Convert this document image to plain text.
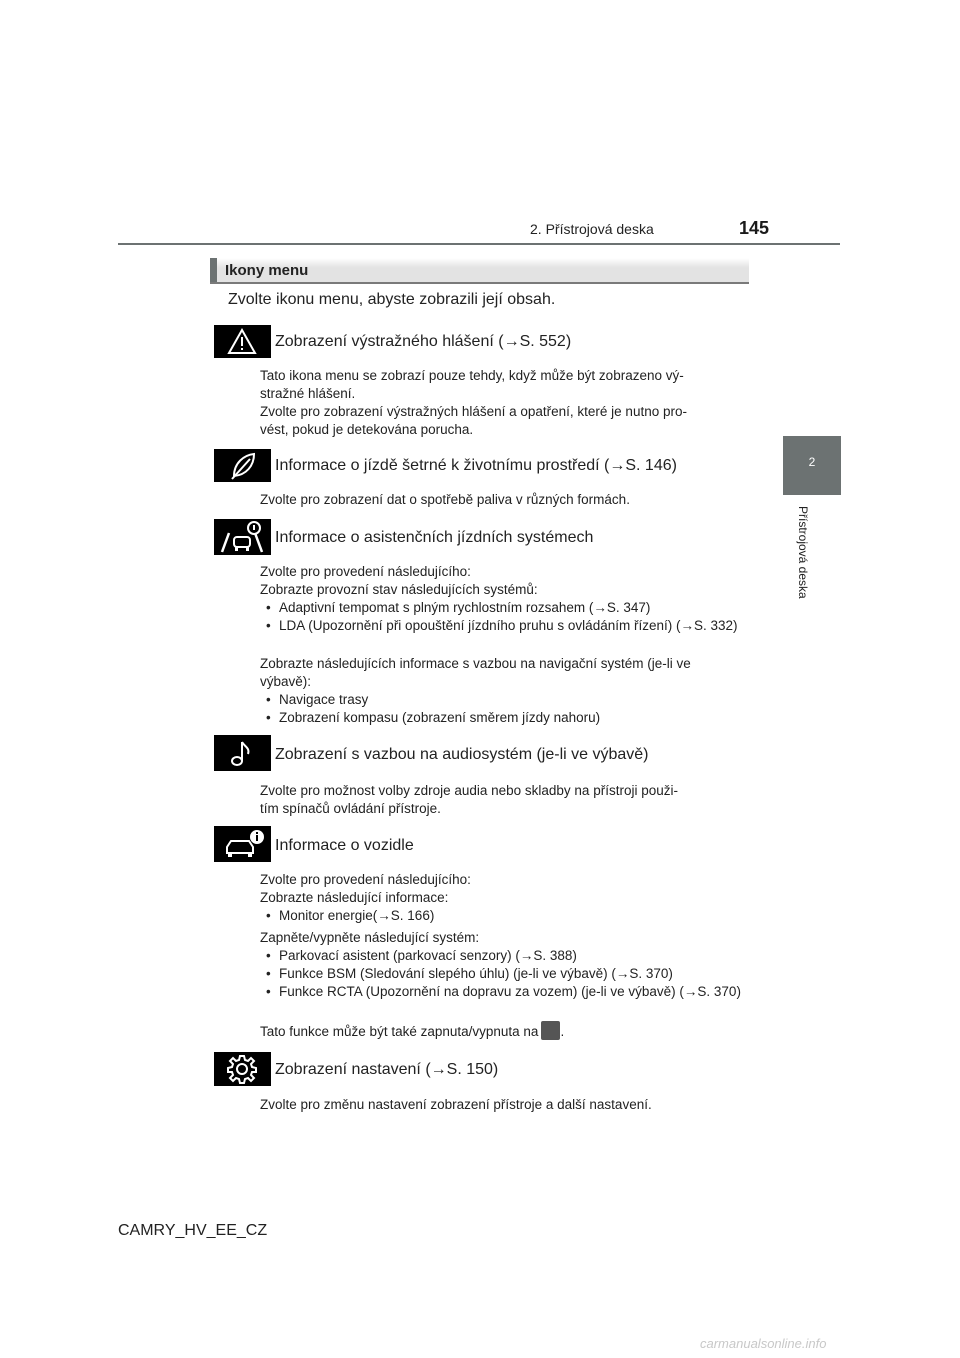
2. Přístrojová deska	145
2
Přístrojová deska
Ikony menu
Zvolte ikonu menu, abyste zobrazili její obsah.
Zobrazení výstražného hlášení (→S. 552)

Tato ikona menu se zobrazí pouze tehdy, když může být zobrazeno vý-
stražné hlášení.
Zvolte pro zobrazení výstražných hlášení a opatření, které je nutno pro-
vést, pokud je detekována porucha.

Informace o jízdě šetrné k životnímu prostředí (→S. 146)

Zvolte pro zobrazení dat o spotřebě paliva v různých formách.

Informace o asistenčních jízdních systémech

Zvolte pro provedení následujícího:
Zobrazte provozní stav následujících systémů:

• Adaptivní tempomat s plným rychlostním rozsahem (→S. 347)
• LDA (Upozornění při opouštění jízdního pruhu s ovládáním řízení) (→S. 332)

Zobrazte následujících informace s vazbou na navigační systém (je-li ve
výbavě):

• Navigace trasy
• Zobrazení kompasu (zobrazení směrem jízdy nahoru)
Zobrazení s vazbou na audiosystém (je-li ve výbavě)

Zvolte pro možnost volby zdroje audia nebo skladby na přístroji použi-
tím spínačů ovládání přístroje.

Informace o vozidle

Zvolte pro provedení následujícího:
Zobrazte následující informace:

• Monitor energie(→S. 166)

Zapněte/vypněte následující systém:

• Parkovací asistent (parkovací senzory) (→S. 388)
• Funkce BSM (Sledování slepého úhlu) (je-li ve výbavě) (→S. 370)
• Funkce RCTA (Upozornění na dopravu za vozem) (je-li ve výbavě) (→S. 370)

Tato funkce může být také zapnuta/vypnuta na .

Zobrazení nastavení (→S. 150)

Zvolte pro změnu nastavení zobrazení přístroje a další nastavení.

CAMRY_HV_EE_CZ
carmanualsonline.info
